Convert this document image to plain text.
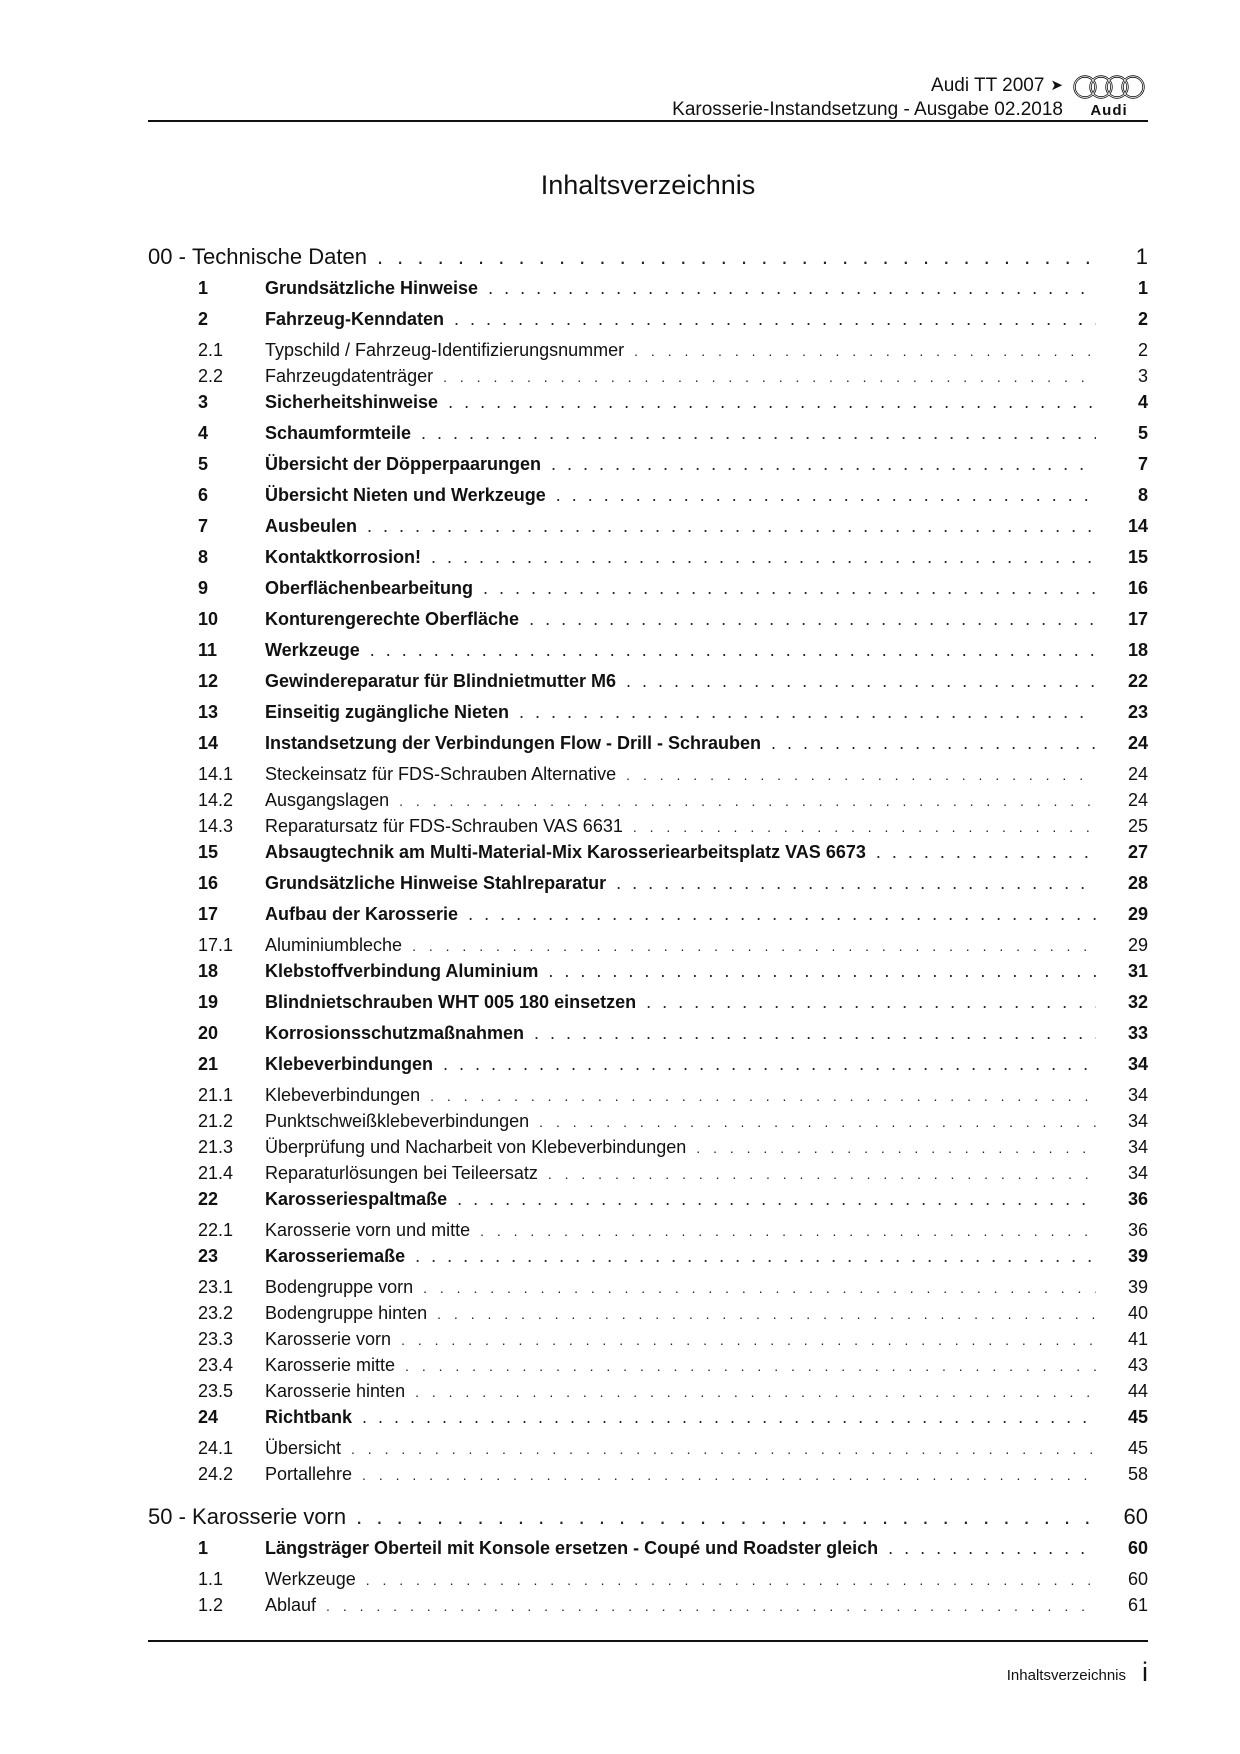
Audi TT 2007 ➤
Karosserie-Instandsetzung - Ausgabe 02.2018	Audi
Inhaltsverzeichnis
00 - Technische Daten . . .	1
1	Grundsätzliche Hinweise . . .	1
2	Fahrzeug-Kenndaten . . .	2
2.1	Typschild / Fahrzeug-Identifizierungsnummer . . .	2
2.2	Fahrzeugdatenträger . . .	3
3	Sicherheitshinweise . . .	4
4	Schaumformteile . . .	5
5	Übersicht der Döpperpaarungen . . .	7
6	Übersicht Nieten und Werkzeuge . . .	8
7	Ausbeulen . . .	14
8	Kontaktkorrosion! . . .	15
9	Oberflächenbearbeitung . . .	16
10	Konturengerechte Oberfläche . . .	17
11	Werkzeuge . . .	18
12	Gewindereparatur für Blindnietmutter M6 . . .	22
13	Einseitig zugängliche Nieten . . .	23
14	Instandsetzung der Verbindungen Flow - Drill - Schrauben . . .	24
14.1	Steckeinsatz für FDS-Schrauben Alternative . . .	24
14.2	Ausgangslagen . . .	24
14.3	Reparatursatz für FDS-Schrauben VAS 6631 . . .	25
15	Absaugtechnik am Multi-Material-Mix Karosseriearbeitsplatz VAS 6673 . . .	27
16	Grundsätzliche Hinweise Stahlreparatur . . .	28
17	Aufbau der Karosserie . . .	29
17.1	Aluminiumbleche . . .	29
18	Klebstoffverbindung Aluminium . . .	31
19	Blindnietschrauben WHT 005 180 einsetzen . . .	32
20	Korrosionsschutzmaßnahmen . . .	33
21	Klebeverbindungen . . .	34
21.1	Klebeverbindungen . . .	34
21.2	Punktschweißklebeverbindungen . . .	34
21.3	Überprüfung und Nacharbeit von Klebeverbindungen . . .	34
21.4	Reparaturlösungen bei Teileersatz . . .	34
22	Karosseriespaltmaße . . .	36
22.1	Karosserie vorn und mitte . . .	36
23	Karosseriemaße . . .	39
23.1	Bodengruppe vorn . . .	39
23.2	Bodengruppe hinten . . .	40
23.3	Karosserie vorn . . .	41
23.4	Karosserie mitte . . .	43
23.5	Karosserie hinten . . .	44
24	Richtbank . . .	45
24.1	Übersicht . . .	45
24.2	Portallehre . . .	58
50 - Karosserie vorn . . .	60
1	Längsträger Oberteil mit Konsole ersetzen - Coupé und Roadster gleich . . .	60
1.1	Werkzeuge . . .	60
1.2	Ablauf . . .	61
Inhaltsverzeichnis i
